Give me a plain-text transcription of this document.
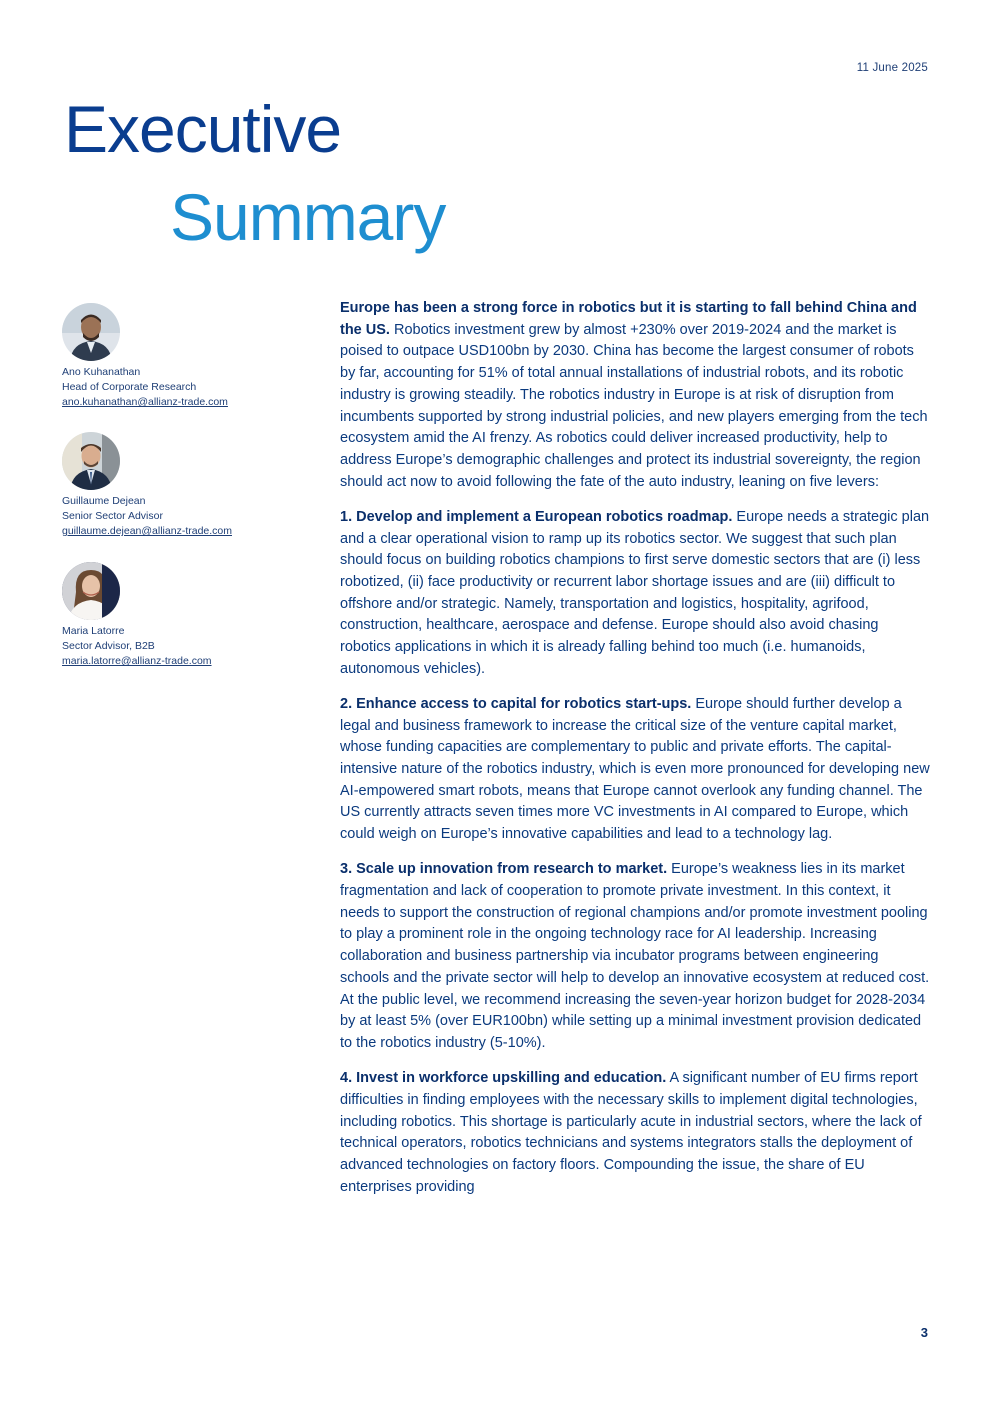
11 June 2025
Executive
Summary
Ano Kuhanathan
Head of Corporate Research
ano.kuhanathan@allianz-trade.com
Guillaume Dejean
Senior Sector Advisor
guillaume.dejean@allianz-trade.com
Maria Latorre
Sector Advisor, B2B
maria.latorre@allianz-trade.com

Europe has been a strong force in robotics but it is starting to fall behind China and the US. Robotics investment grew by almost +230% over 2019-2024 and the market is poised to outpace USD100bn by 2030. China has become the largest consumer of robots by far, accounting for 51% of total annual installations of industrial robots, and its robotic industry is growing steadily. The robotics industry in Europe is at risk of disruption from incumbents supported by strong industrial policies, and new players emerging from the tech ecosystem amid the AI frenzy. As robotics could deliver increased productivity, help to address Europe’s demographic challenges and protect its industrial sovereignty, the region should act now to avoid following the fate of the auto industry, leaning on five levers:

1. Develop and implement a European robotics roadmap. Europe needs a strategic plan and a clear operational vision to ramp up its robotics sector. We suggest that such plan should focus on building robotics champions to first serve domestic sectors that are (i) less robotized, (ii) face productivity or recurrent labor shortage issues and are (iii) difficult to offshore and/or strategic. Namely, transportation and logistics, hospitality, agrifood, construction, healthcare, aerospace and defense. Europe should also avoid chasing robotics applications in which it is already falling behind too much (i.e. humanoids, autonomous vehicles).

2. Enhance access to capital for robotics start-ups. Europe should further develop a legal and business framework to increase the critical size of the venture capital market, whose funding capacities are complementary to public and private efforts. The capital-intensive nature of the robotics industry, which is even more pronounced for developing new AI-empowered smart robots, means that Europe cannot overlook any funding channel. The US currently attracts seven times more VC investments in AI compared to Europe, which could weigh on Europe’s innovative capabilities and lead to a technology lag.

3. Scale up innovation from research to market. Europe’s weakness lies in its market fragmentation and lack of cooperation to promote private investment. In this context, it needs to support the construction of regional champions and/or promote investment pooling to play a prominent role in the ongoing technology race for AI leadership. Increasing collaboration and business partnership via incubator programs between engineering schools and the private sector will help to develop an innovative ecosystem at reduced cost. At the public level, we recommend increasing the seven-year horizon budget for 2028-2034 by at least 5% (over EUR100bn) while setting up a minimal investment provision dedicated to the robotics industry (5-10%).

4. Invest in workforce upskilling and education. A significant number of EU firms report difficulties in finding employees with the necessary skills to implement digital technologies, including robotics. This shortage is particularly acute in industrial sectors, where the lack of technical operators, robotics technicians and systems integrators stalls the deployment of advanced technologies on factory floors. Compounding the issue, the share of EU enterprises providing

3
